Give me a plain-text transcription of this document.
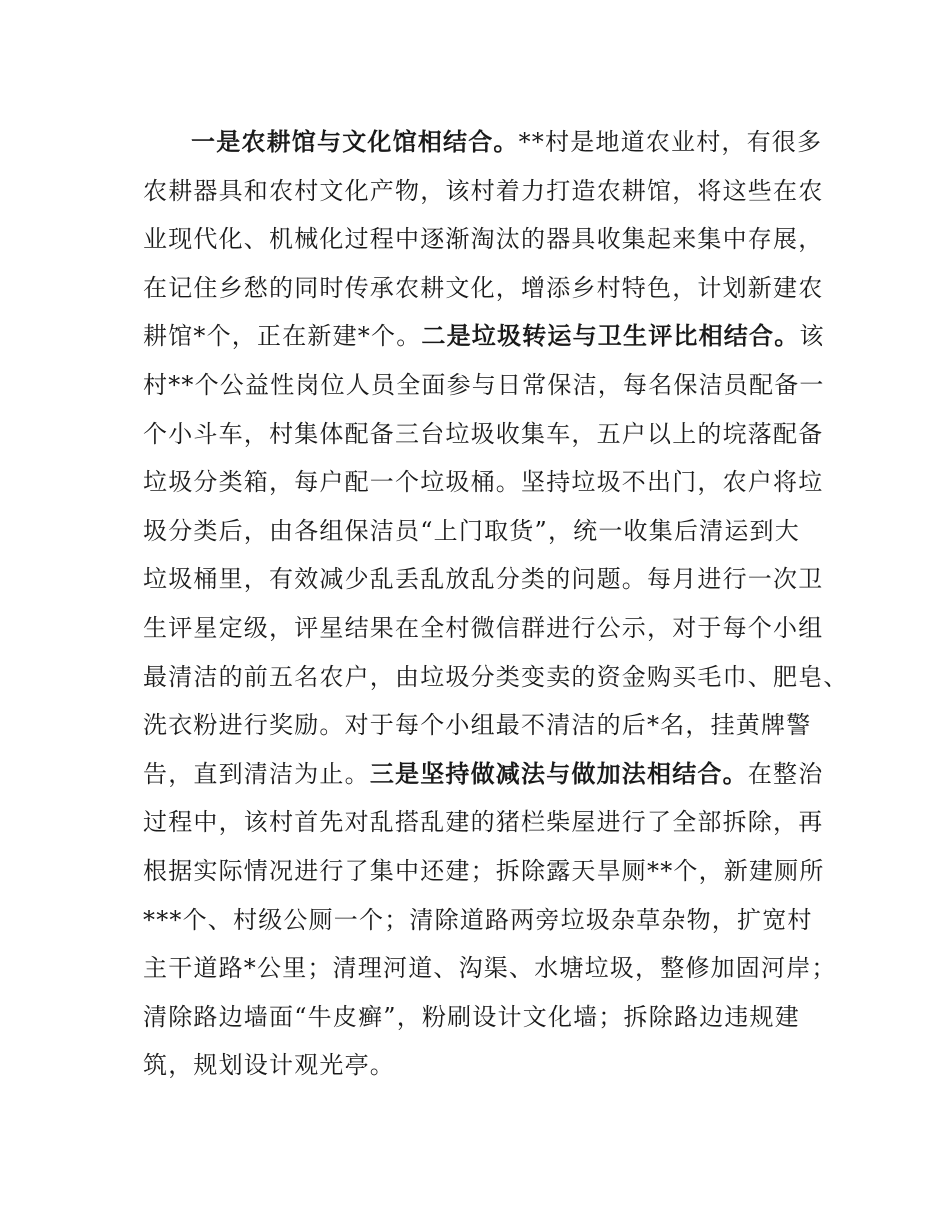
一是农耕馆与文化馆相结合。**村是地道农业村，有很多
农耕器具和农村文化产物，该村着力打造农耕馆，将这些在农
业现代化、机械化过程中逐渐淘汰的器具收集起来集中存展，
在记住乡愁的同时传承农耕文化，增添乡村特色，计划新建农
耕馆*个，正在新建*个。二是垃圾转运与卫生评比相结合。该
村**个公益性岗位人员全面参与日常保洁，每名保洁员配备一
个小斗车，村集体配备三台垃圾收集车，五户以上的垸落配备
垃圾分类箱，每户配一个垃圾桶。坚持垃圾不出门，农户将垃
圾分类后，由各组保洁员“上门取货”，统一收集后清运到大
垃圾桶里，有效减少乱丢乱放乱分类的问题。每月进行一次卫
生评星定级，评星结果在全村微信群进行公示，对于每个小组
最清洁的前五名农户，由垃圾分类变卖的资金购买毛巾、肥皂、
洗衣粉进行奖励。对于每个小组最不清洁的后*名，挂黄牌警
告，直到清洁为止。三是坚持做减法与做加法相结合。在整治
过程中，该村首先对乱搭乱建的猪栏柴屋进行了全部拆除，再
根据实际情况进行了集中还建；拆除露天旱厕**个，新建厕所
***个、村级公厕一个；清除道路两旁垃圾杂草杂物，扩宽村
主干道路*公里；清理河道、沟渠、水塘垃圾，整修加固河岸；
清除路边墙面“牛皮癣”，粉刷设计文化墙；拆除路边违规建
筑，规划设计观光亭。
